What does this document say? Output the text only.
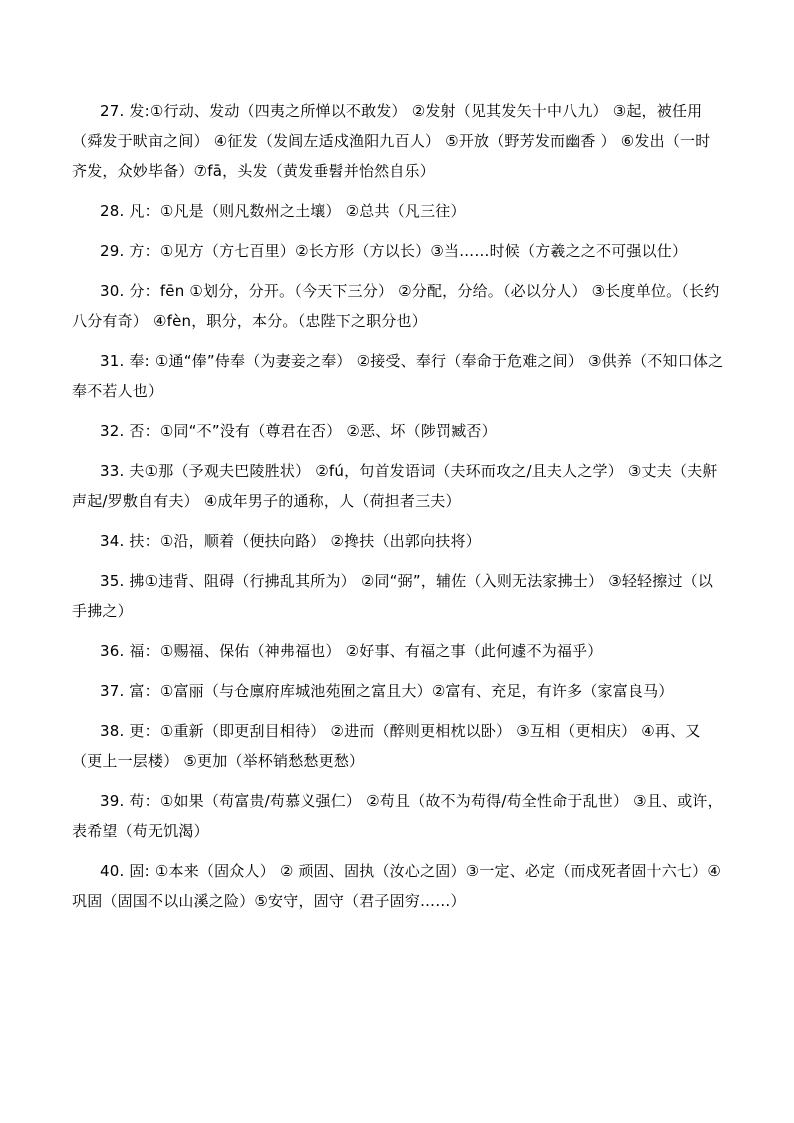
27. 发:①行动、发动（四夷之所惮以不敢发） ②发射（见其发矢十中八九） ③起，被任用（舜发于畎亩之间） ④征发（发闾左适戍渔阳九百人） ⑤开放（野芳发而幽香 ） ⑥发出（一时齐发，众妙毕备）⑦fā，头发（黄发垂髫并怡然自乐）

28. 凡：①凡是（则凡数州之土壤） ②总共（凡三往）

29. 方：①见方（方七百里）②长方形（方以长）③当……时候（方羲之之不可强以仕）

30. 分：fēn ①划分，分开。（今天下三分） ②分配，分给。（必以分人） ③长度单位。（长约八分有奇） ④fèn，职分，本分。（忠陛下之职分也）

31. 奉: ①通“俸”侍奉（为妻妾之奉） ②接受、奉行（奉命于危难之间） ③供养（不知口体之奉不若人也）

32. 否：①同“不”没有（尊君在否） ②恶、坏（陟罚臧否）

33. 夫①那（予观夫巴陵胜状） ②fú，句首发语词（夫环而攻之/且夫人之学） ③丈夫（夫鼾声起/罗敷自有夫） ④成年男子的通称，人（荷担者三夫）

34. 扶：①沿，顺着（便扶向路） ②搀扶（出郭向扶将）

35. 拂①违背、阻碍（行拂乱其所为） ②同“弼”，辅佐（入则无法家拂士） ③轻轻擦过（以手拂之）

36. 福：①赐福、保佑（神弗福也） ②好事、有福之事（此何遽不为福乎）

37. 富：①富丽（与仓廪府库城池苑囿之富且大）②富有、充足，有许多（家富良马）

38. 更：①重新（即更刮目相待） ②进而（醉则更相枕以卧） ③互相（更相庆） ④再、又（更上一层楼） ⑤更加（举杯销愁愁更愁）

39. 苟：①如果（苟富贵/苟慕义强仁） ②苟且（故不为苟得/苟全性命于乱世） ③且、或许，表希望（苟无饥渴）

40. 固: ①本来（固众人） ② 顽固、固执（汝心之固）③一定、必定（而戍死者固十六七）④巩固（固国不以山溪之险）⑤安守，固守（君子固穷……）
